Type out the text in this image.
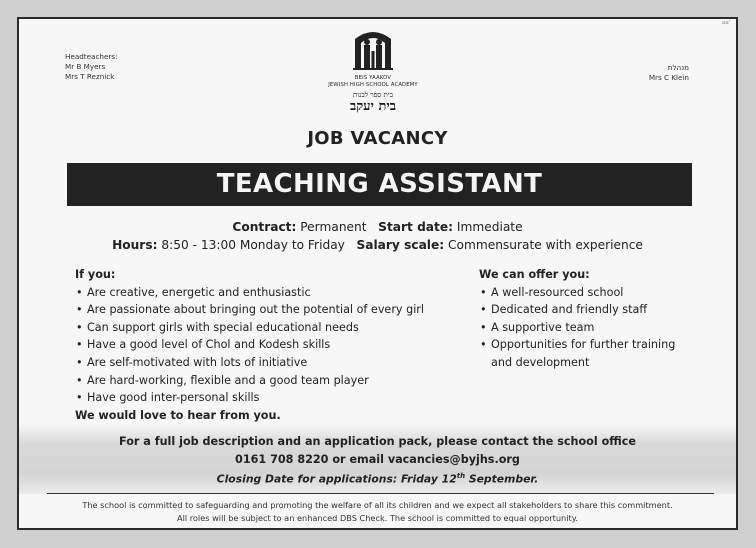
מס'
Headteachers:
Mr B Myers
Mrs T Reznick	BEIS YAAKOV
JEWISH HIGH SCHOOL ACADEMY
בית ספר לבנות
בית יעקב
מנהלת
Mrs C Klein
JOB VACANCY
TEACHING ASSISTANT
Contract: Permanent Start date: Immediate
Hours: 8:50 - 13:00 Monday to Friday Salary scale: Commensurate with experience
If you:
• Are creative, energetic and enthusiastic
• Are passionate about bringing out the potential of every girl
• Can support girls with special educational needs
• Have a good level of Chol and Kodesh skills
• Are self-motivated with lots of initiative
• Are hard-working, flexible and a good team player
• Have good inter-personal skills
We would love to hear from you.
We can offer you:
• A well-resourced school
• Dedicated and friendly staff
• A supportive team
• Opportunities for further training and development
For a full job description and an application pack, please contact the school office
0161 708 8220 or email vacancies@byjhs.org
Closing Date for applications: Friday 12th September.
The school is committed to safeguarding and promoting the welfare of all its children and we expect all stakeholders to share this commitment.
All roles will be subject to an enhanced DBS Check. The school is committed to equal opportunity.
